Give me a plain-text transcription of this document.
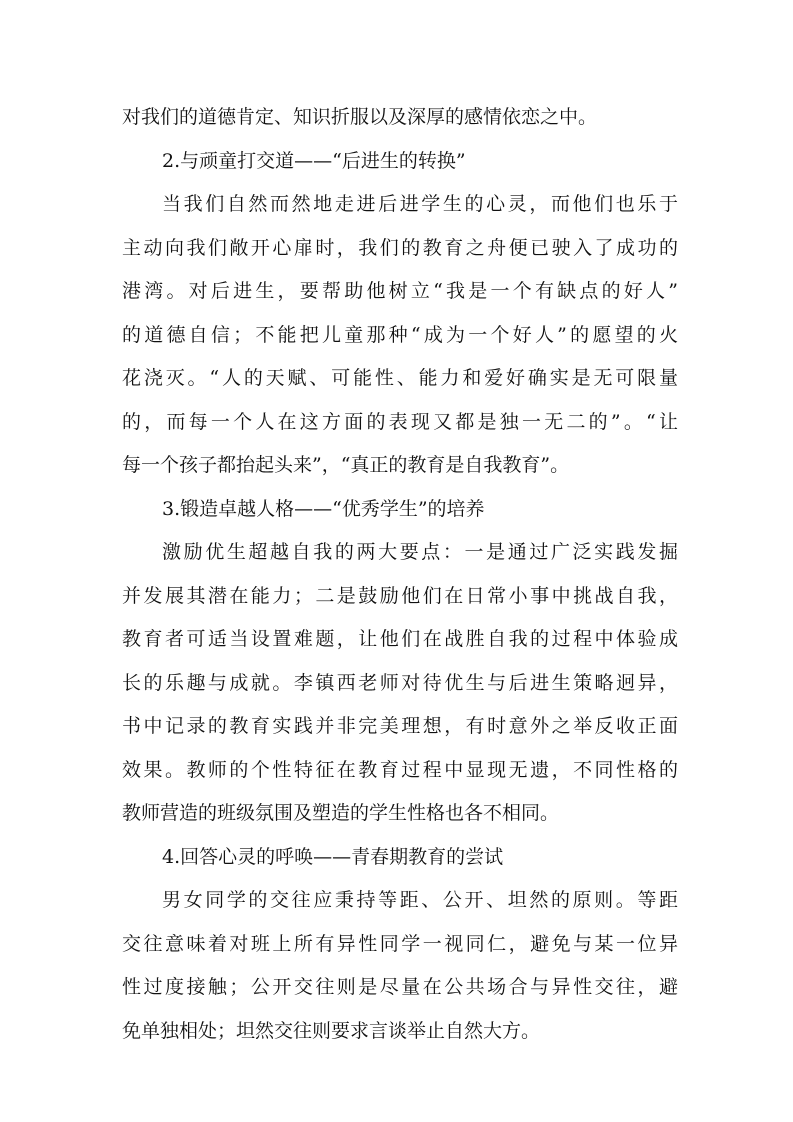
对我们的道德肯定、知识折服以及深厚的感情依恋之中。
2.与顽童打交道——“后进生的转换”
当我们自然而然地走进后进学生的心灵，而他们也乐于
主动向我们敞开心扉时，我们的教育之舟便已驶入了成功的
港湾。对后进生，要帮助他树立“我是一个有缺点的好人”
的道德自信；不能把儿童那种“成为一个好人”的愿望的火
花浇灭。“人的天赋、可能性、能力和爱好确实是无可限量
的，而每一个人在这方面的表现又都是独一无二的”。“让
每一个孩子都抬起头来”，“真正的教育是自我教育”。
3.锻造卓越人格——“优秀学生”的培养
激励优生超越自我的两大要点：一是通过广泛实践发掘
并发展其潜在能力；二是鼓励他们在日常小事中挑战自我，
教育者可适当设置难题，让他们在战胜自我的过程中体验成
长的乐趣与成就。李镇西老师对待优生与后进生策略迥异，
书中记录的教育实践并非完美理想，有时意外之举反收正面
效果。教师的个性特征在教育过程中显现无遗，不同性格的
教师营造的班级氛围及塑造的学生性格也各不相同。
4.回答心灵的呼唤——青春期教育的尝试
男女同学的交往应秉持等距、公开、坦然的原则。等距
交往意味着对班上所有异性同学一视同仁，避免与某一位异
性过度接触；公开交往则是尽量在公共场合与异性交往，避
免单独相处；坦然交往则要求言谈举止自然大方。
